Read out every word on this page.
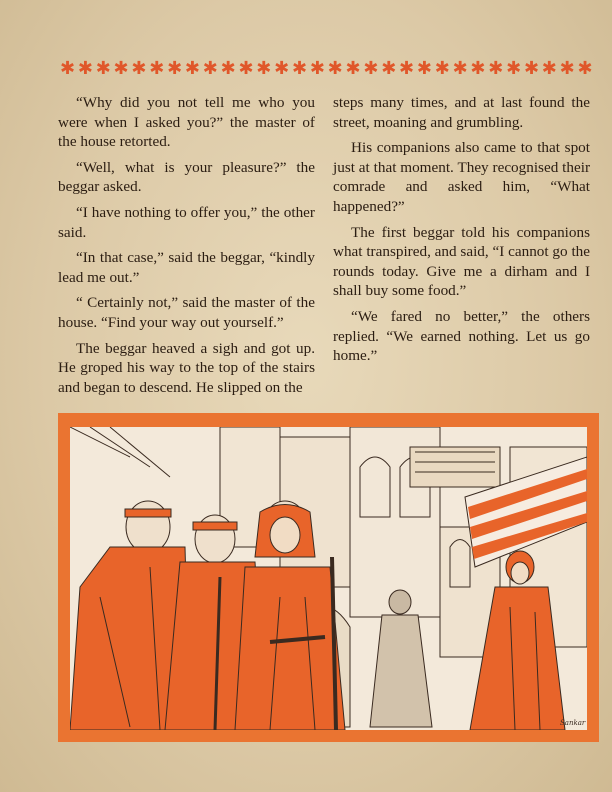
✱ ✱ ✱ ✱ ✱ ✱ ✱ ✱ ✱ ✱ ✱ ✱ ✱ ✱ ✱ ✱ ✱ ✱ ✱ ✱ ✱ ✱ ✱ ✱ ✱ ✱ ✱ ✱ ✱ ✱

“Why did you not tell me who you were when I asked you?” the master of the house retorted.

“Well, what is your pleasure?” the beggar asked.

“I have nothing to offer you,” the other said.

“In that case,” said the beggar, “kindly lead me out.”

“ Certainly not,” said the master of the house. “Find your way out yourself.”

The beggar heaved a sigh and got up. He groped his way to the top of the stairs and began to descend. He slipped on the

steps many times, and at last found the street, moaning and grumbling.

His companions also came to that spot just at that moment. They recognised their comrade and asked him, “What happened?”

The first beggar told his companions what transpired, and said, “I cannot go the rounds today. Give me a dirham and I shall buy some food.”

“We fared no better,” the others replied. “We earned nothing. Let us go home.”

Sankar
